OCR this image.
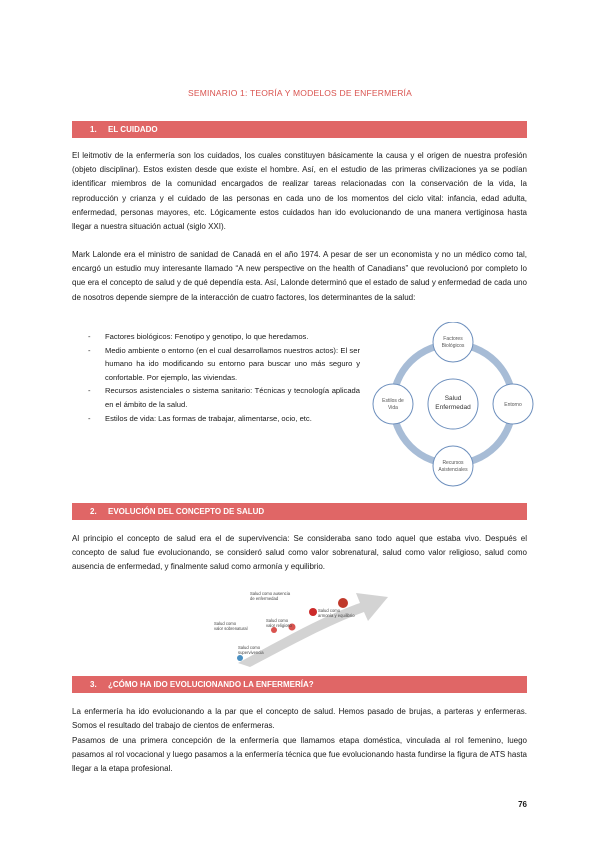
SEMINARIO 1: TEORÍA Y MODELOS DE ENFERMERÍA
1. EL CUIDADO

El leitmotiv de la enfermería son los cuidados, los cuales constituyen básicamente la causa y el origen de nuestra profesión (objeto disciplinar). Estos existen desde que existe el hombre. Así, en el estudio de las primeras civilizaciones ya se podían identificar miembros de la comunidad encargados de realizar tareas relacionadas con la conservación de la vida, la reproducción y crianza y el cuidado de las personas en cada uno de los momentos del ciclo vital: infancia, edad adulta, enfermedad, personas mayores, etc. Lógicamente estos cuidados han ido evolucionando de una manera vertiginosa hasta llegar a nuestra situación actual (siglo XXI).

Mark Lalonde era el ministro de sanidad de Canadá en el año 1974. A pesar de ser un economista y no un médico como tal, encargó un estudio muy interesante llamado “A new perspective on the health of Canadians” que revolucionó por completo lo que era el concepto de salud y de qué dependía esta. Así, Lalonde determinó que el estado de salud y enfermedad de cada uno de nosotros depende siempre de la interacción de cuatro factores, los determinantes de la salud:

- Factores biológicos: Fenotipo y genotipo, lo que heredamos.
- Medio ambiente o entorno (en el cual desarrollamos nuestros actos): El ser humano ha ido modificando su entorno para buscar uno más seguro y confortable. Por ejemplo, las viviendas.
- Recursos asistenciales o sistema sanitario: Técnicas y tecnología aplicada en el ámbito de la salud.
- Estilos de vida: Las formas de trabajar, alimentarse, ocio, etc.
Salud
Enfermedad
Factores
Biológicos
Entorno
Recursos
Asistenciales
Estilos de
Vida
2. EVOLUCIÓN DEL CONCEPTO DE SALUD

Al principio el concepto de salud era el de supervivencia: Se consideraba sano todo aquel que estaba vivo. Después el concepto de salud fue evolucionando, se consideró salud como valor sobrenatural, salud como valor religioso, salud como ausencia de enfermedad, y finalmente salud como armonía y equilibrio.

Salud como
supervivencia
Salud como
valor sobrenatural
Salud como
valor religioso
Salud como ausencia
de enfermedad
Salud como
armonía y equilibrio
3. ¿CÓMO HA IDO EVOLUCIONANDO LA ENFERMERÍA?

La enfermería ha ido evolucionando a la par que el concepto de salud. Hemos pasado de brujas, a parteras y enfermeras. Somos el resultado del trabajo de cientos de enfermeras.

Pasamos de una primera concepción de la enfermería que llamamos etapa doméstica, vinculada al rol femenino, luego pasamos al rol vocacional y luego pasamos a la enfermería técnica que fue evolucionando hasta fundirse la figura de ATS hasta llegar a la etapa profesional.

76
